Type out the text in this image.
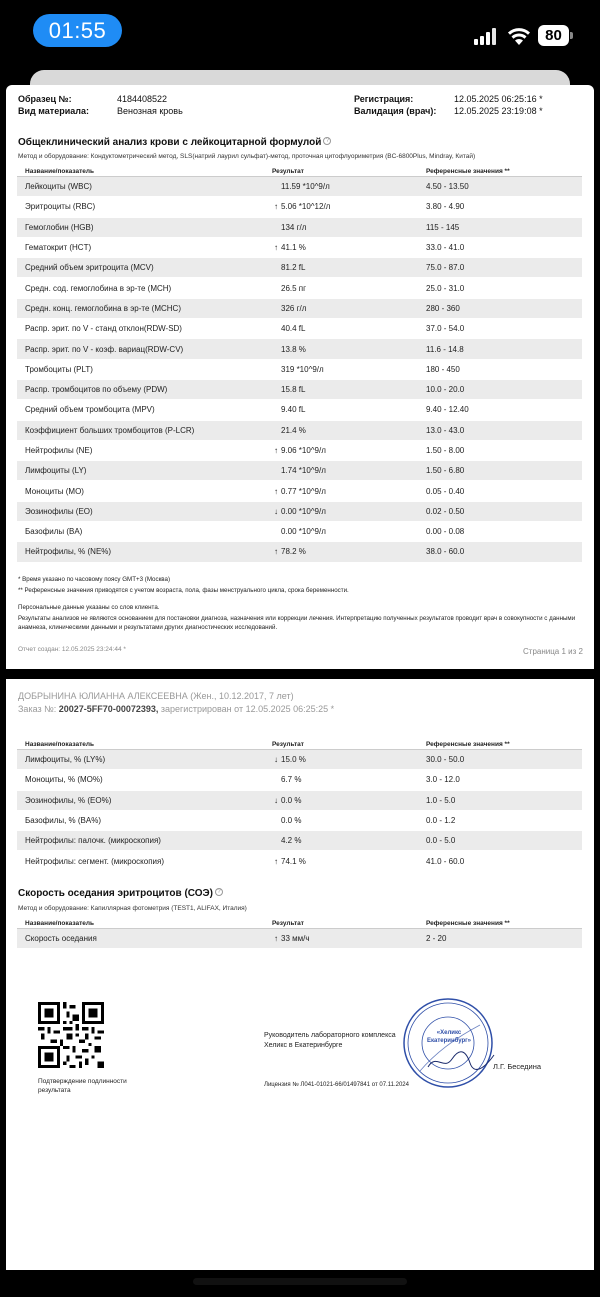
01:55	80
Образец №:	4184408522
Вид материала:	Венозная кровь
Регистрация:	12.05.2025 06:25:16 *
Валидация (врач): 12.05.2025 23:19:08 *
Общеклинический анализ крови с лейкоцитарной формулой ?
Метод и оборудование: Кондуктометрический метод, SLS(натрий лаурил сульфат)-метод, проточная цитофлуориметрия (BC-6800Plus, Mindray, Китай)
Название/показатель	Результат	Референсные значения **
Лейкоциты (WBC)	11.59 *10^9/л	4.50 - 13.50
Эритроциты (RBC)	↑ 5.06 *10^12/л	3.80 - 4.90
Гемоглобин (HGB)	134 г/л	115 - 145
Гематокрит (HCT)	↑ 41.1 %	33.0 - 41.0
Средний объем эритроцита (MCV)	81.2 fL	75.0 - 87.0
Средн. сод. гемоглобина в эр-те (MCH)	26.5 пг	25.0 - 31.0
Средн. конц. гемоглобина в эр-те (MCHC)	326 г/л	280 - 360
Распр. эрит. по V - станд отклон(RDW-SD)	40.4 fL	37.0 - 54.0
Распр. эрит. по V - коэф. вариац(RDW-CV)	13.8 %	11.6 - 14.8
Тромбоциты (PLT)	319 *10^9/л	180 - 450
Распр. тромбоцитов по объему (PDW)	15.8 fL	10.0 - 20.0
Средний объем тромбоцита (MPV)	9.40 fL	9.40 - 12.40
Коэффициент больших тромбоцитов (P-LCR)	21.4 %	13.0 - 43.0
Нейтрофилы (NE)	↑ 9.06 *10^9/л	1.50 - 8.00
Лимфоциты (LY)	1.74 *10^9/л	1.50 - 6.80
Моноциты (MO)	↑ 0.77 *10^9/л	0.05 - 0.40
Эозинофилы (EO)	↓ 0.00 *10^9/л	0.02 - 0.50
Базофилы (BA)	0.00 *10^9/л	0.00 - 0.08
Нейтрофилы, % (NE%)	↑ 78.2 %	38.0 - 60.0
* Время указано по часовому поясу GMT+3 (Москва)
** Референсные значения приводятся с учетом возраста, пола, фазы менструального цикла, срока беременности.
Персональные данные указаны со слов клиента.
Результаты анализов не являются основанием для постановки диагноза, назначения или коррекции лечения. Интерпретацию полученных результатов проводит врач в совокупности с данными анамнеза, клиническими данными и результатами других диагностических исследований.
Отчет создан: 12.05.2025 23:24:44 *	Страница 1 из 2
ДОБРЫНИНА ЮЛИАННА АЛЕКСЕЕВНА (Жен., 10.12.2017, 7 лет)
Заказ №: 20027-5FF70-00072393, зарегистрирован от 12.05.2025 06:25:25 *
Название/показатель	Результат	Референсные значения **
Лимфоциты, % (LY%)	↓ 15.0 %	30.0 - 50.0
Моноциты, % (MO%)	6.7 %	3.0 - 12.0
Эозинофилы, % (EO%)	↓ 0.0 %	1.0 - 5.0
Базофилы, % (BA%)	0.0 %	0.0 - 1.2
Нейтрофилы: палочк. (микроскопия)	4.2 %	0.0 - 5.0
Нейтрофилы: сегмент. (микроскопия)	↑ 74.1 %	41.0 - 60.0
Скорость оседания эритроцитов (СОЭ) ?
Метод и оборудование: Капиллярная фотометрия (TEST1, ALIFAX, Италия)
Название/показатель	Результат	Референсные значения **
Скорость оседания	↑ 33 мм/ч	2 - 20
Подтверждение подлинности результата
«Хеликс Екатеринбург»
Руководитель лабораторного комплекса Хеликс в Екатеринбурге
Л.Г. Беседина
Лицензия № Л041-01021-66/01497841 от 07.11.2024
